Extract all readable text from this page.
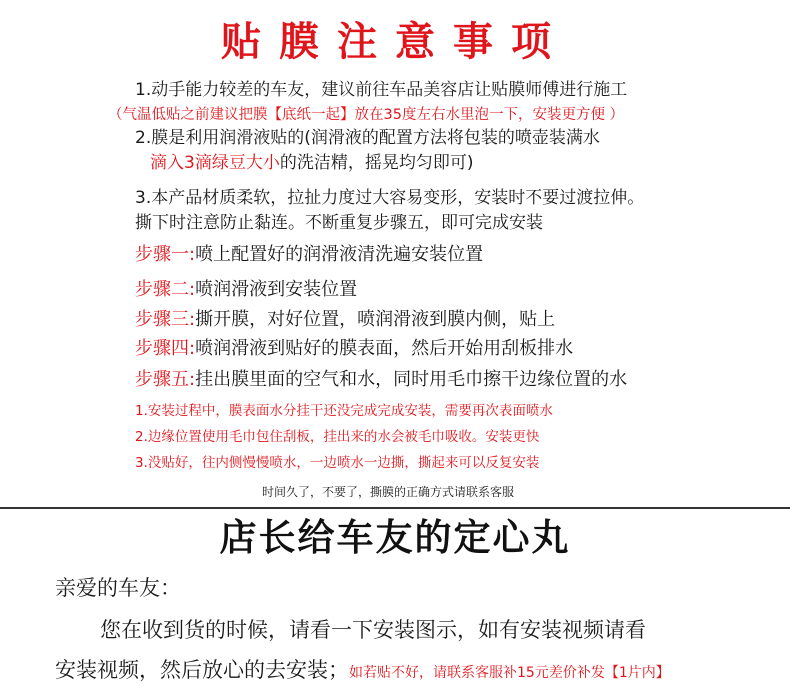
贴膜注意事项
1.动手能力较差的车友，建议前往车品美容店让贴膜师傅进行施工
（气温低贴之前建议把膜【底纸一起】放在35度左右水里泡一下，安装更方便 ）
2.膜是利用润滑液贴的(润滑液的配置方法将包装的喷壶装满水
滴入3滴绿豆大小的洗洁精，摇晃均匀即可)
3.本产品材质柔软，拉扯力度过大容易变形，安装时不要过渡拉伸。
撕下时注意防止黏连。不断重复步骤五，即可完成安装
步骤一:喷上配置好的润滑液清洗遍安装位置
步骤二:喷润滑液到安装位置
步骤三:撕开膜，对好位置，喷润滑液到膜内侧，贴上
步骤四:喷润滑液到贴好的膜表面，然后开始用刮板排水
步骤五:挂出膜里面的空气和水，同时用毛巾擦干边缘位置的水
1.安装过程中，膜表面水分挂干还没完成完成安装，需要再次表面喷水
2.边缘位置使用毛巾包住刮板，挂出来的水会被毛巾吸收。安装更快
3.没贴好，往内侧慢慢喷水，一边喷水一边撕，撕起来可以反复安装
时间久了，不要了，撕膜的正确方式请联系客服
店长给车友的定心丸
亲爱的车友：
您在收到货的时候，请看一下安装图示，如有安装视频请看
安装视频，然后放心的去安装；如若贴不好，请联系客服补15元差价补发【1片内】
